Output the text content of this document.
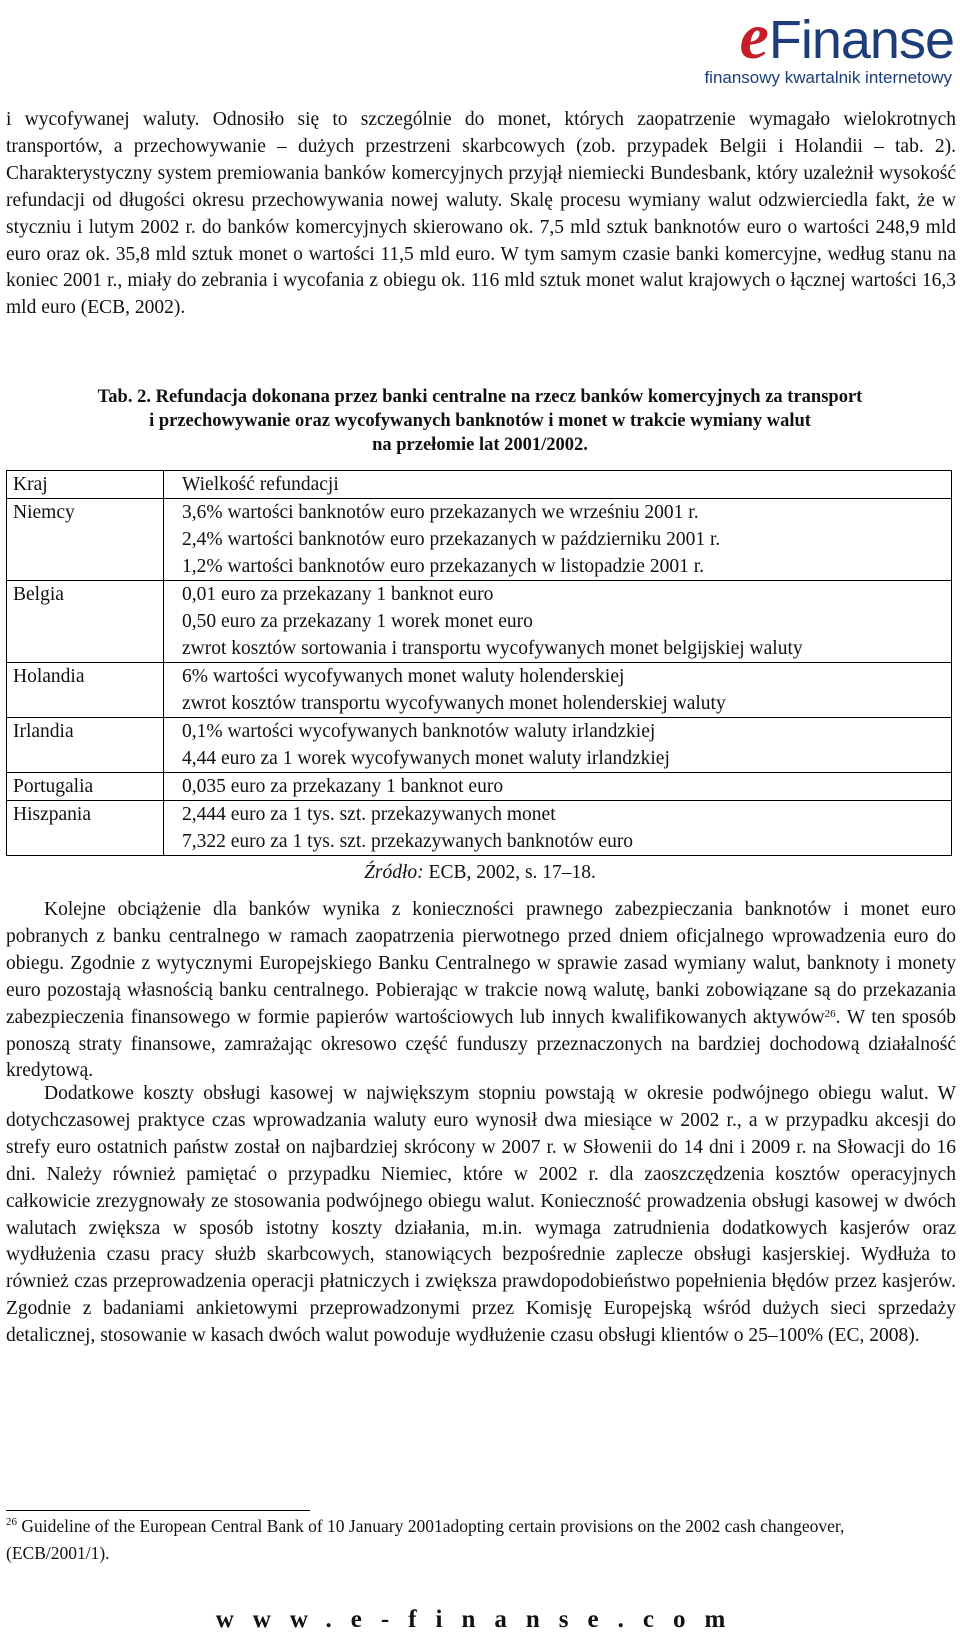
eFinanse
finansowy kwartalnik internetowy

i wycofywanej waluty. Odnosiło się to szczególnie do monet, których zaopatrzenie wymagało wielokrotnych transportów, a przechowywanie – dużych przestrzeni skarbcowych (zob. przypadek Belgii i Holandii – tab. 2). Charakterystyczny system premiowania banków komercyjnych przyjął niemiecki Bundesbank, który uzależnił wysokość refundacji od długości okresu przechowywania nowej waluty. Skalę procesu wymiany walut odzwierciedla fakt, że w styczniu i lutym 2002 r. do banków komercyjnych skierowano ok. 7,5 mld sztuk banknotów euro o wartości 248,9 mld euro oraz ok. 35,8 mld sztuk monet o wartości 11,5 mld euro. W tym samym czasie banki komercyjne, według stanu na koniec 2001 r., miały do zebrania i wycofania z obiegu ok. 116 mld sztuk monet walut krajowych o łącznej wartości 16,3 mld euro (ECB, 2002).

Tab. 2. Refundacja dokonana przez banki centralne na rzecz banków komercyjnych za transport
i przechowywanie oraz wycofywanych banknotów i monet w trakcie wymiany walut
na przełomie lat 2001/2002.
Kraj	Wielkość refundacji
Niemcy	3,6% wartości banknotów euro przekazanych we wrześniu 2001 r.
2,4% wartości banknotów euro przekazanych w październiku 2001 r.
1,2% wartości banknotów euro przekazanych w listopadzie 2001 r.

Belgia	0,01 euro za przekazany 1 banknot euro
0,50 euro za przekazany 1 worek monet euro
zwrot kosztów sortowania i transportu wycofywanych monet belgijskiej waluty

Holandia	6% wartości wycofywanych monet waluty holenderskiej
zwrot kosztów transportu wycofywanych monet holenderskiej waluty

Irlandia	0,1% wartości wycofywanych banknotów waluty irlandzkiej
4,44 euro za 1 worek wycofywanych monet waluty irlandzkiej

Portugalia	0,035 euro za przekazany 1 banknot euro

Hiszpania	2,444 euro za 1 tys. szt. przekazywanych monet
7,322 euro za 1 tys. szt. przekazywanych banknotów euro
Źródło: ECB, 2002, s. 17–18.

Kolejne obciążenie dla banków wynika z konieczności prawnego zabezpieczania banknotów i monet euro pobranych z banku centralnego w ramach zaopatrzenia pierwotnego przed dniem oficjalnego wprowadzenia euro do obiegu. Zgodnie z wytycznymi Europejskiego Banku Centralnego w sprawie zasad wymiany walut, banknoty i monety euro pozostają własnością banku centralnego. Pobierając w trakcie nową walutę, banki zobowiązane są do przekazania zabezpieczenia finansowego w formie papierów wartościowych lub innych kwalifikowanych aktywów$^{26}$. W ten sposób ponoszą straty finansowe, zamrażając okresowo część funduszy przeznaczonych na bardziej dochodową działalność kredytową.

Dodatkowe koszty obsługi kasowej w największym stopniu powstają w okresie podwójnego obiegu walut. W dotychczasowej praktyce czas wprowadzania waluty euro wynosił dwa miesiące w 2002 r., a w przypadku akcesji do strefy euro ostatnich państw został on najbardziej skrócony w 2007 r. w Słowenii do 14 dni i 2009 r. na Słowacji do 16 dni. Należy również pamiętać o przypadku Niemiec, które w 2002 r. dla zaoszczędzenia kosztów operacyjnych całkowicie zrezygnowały ze stosowania podwójnego obiegu walut. Konieczność prowadzenia obsługi kasowej w dwóch walutach zwiększa w sposób istotny koszty działania, m.in. wymaga zatrudnienia dodatkowych kasjerów oraz wydłużenia czasu pracy służb skarbcowych, stanowiących bezpośrednie zaplecze obsługi kasjerskiej. Wydłuża to również czas przeprowadzenia operacji płatniczych i zwiększa prawdopodobieństwo popełnienia błędów przez kasjerów. Zgodnie z badaniami ankietowymi przeprowadzonymi przez Komisję Europejską wśród dużych sieci sprzedaży detalicznej, stosowanie w kasach dwóch walut powoduje wydłużenie czasu obsługi klientów o 25–100% (EC, 2008).

$^{26}$ Guideline of the European Central Bank of 10 January 2001adopting certain provisions on the 2002 cash changeover, (ECB/2001/1).
www.e-finanse.com
